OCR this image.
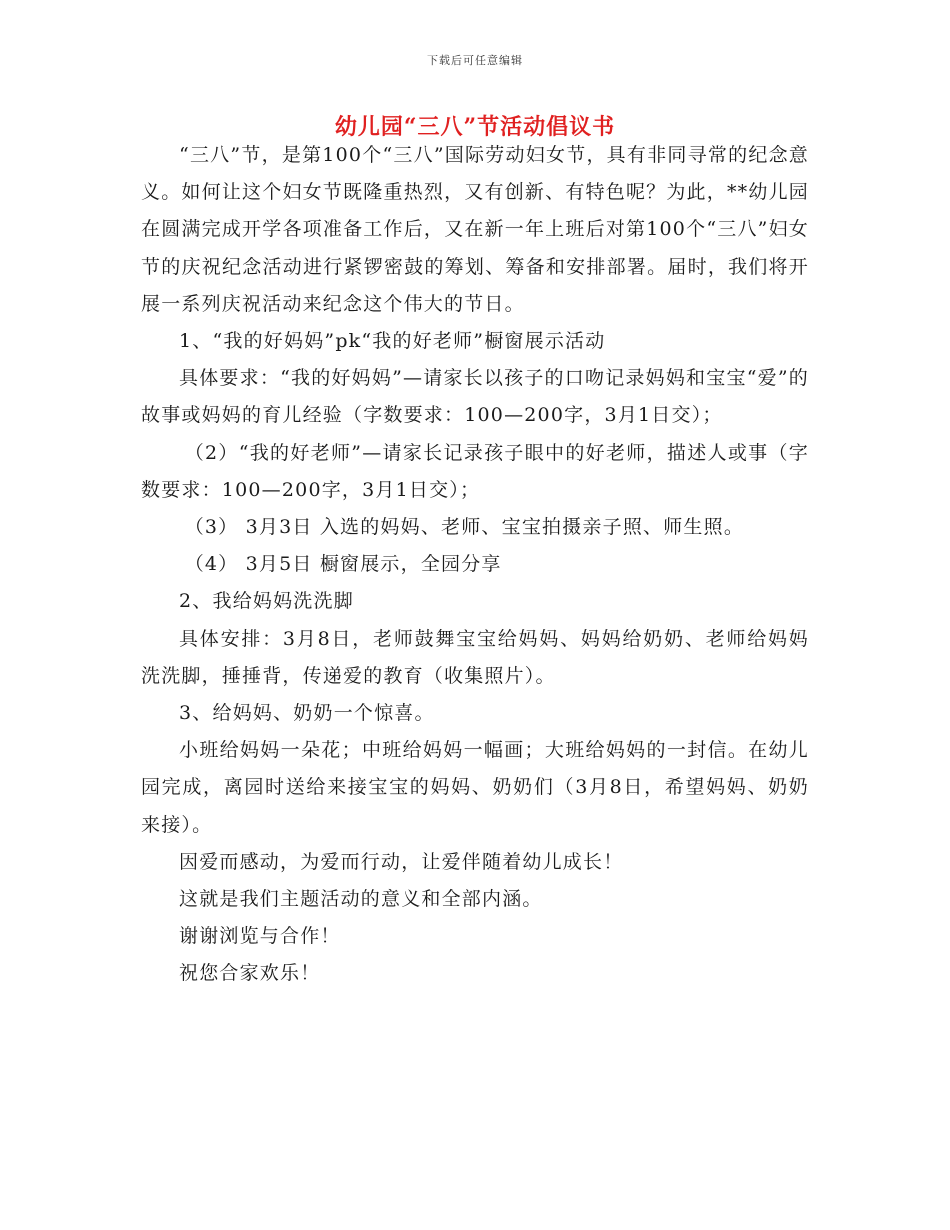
下载后可任意编辑
幼儿园“三八”节活动倡议书

“三八”节，是第100个“三八”国际劳动妇女节，具有非同寻常的纪念意义。如何让这个妇女节既隆重热烈，又有创新、有特色呢？为此，**幼儿园在圆满完成开学各项准备工作后，又在新一年上班后对第100个“三八”妇女节的庆祝纪念活动进行紧锣密鼓的筹划、筹备和安排部署。届时，我们将开展一系列庆祝活动来纪念这个伟大的节日。

1、“我的好妈妈”pk“我的好老师”橱窗展示活动

具体要求：“我的好妈妈”—请家长以孩子的口吻记录妈妈和宝宝“爱”的故事或妈妈的育儿经验（字数要求：100—200字，3月1日交）；

（2）“我的好老师”—请家长记录孩子眼中的好老师，描述人或事（字数要求：100—200字，3月1日交）；

（3） 3月3日 入选的妈妈、老师、宝宝拍摄亲子照、师生照。

（4） 3月5日 橱窗展示，全园分享

2、我给妈妈洗洗脚

具体安排：3月8日，老师鼓舞宝宝给妈妈、妈妈给奶奶、老师给妈妈洗洗脚，捶捶背，传递爱的教育（收集照片）。

3、给妈妈、奶奶一个惊喜。

小班给妈妈一朵花；中班给妈妈一幅画；大班给妈妈的一封信。在幼儿园完成，离园时送给来接宝宝的妈妈、奶奶们（3月8日，希望妈妈、奶奶来接）。

因爱而感动，为爱而行动，让爱伴随着幼儿成长！

这就是我们主题活动的意义和全部内涵。

谢谢浏览与合作！

祝您合家欢乐！
